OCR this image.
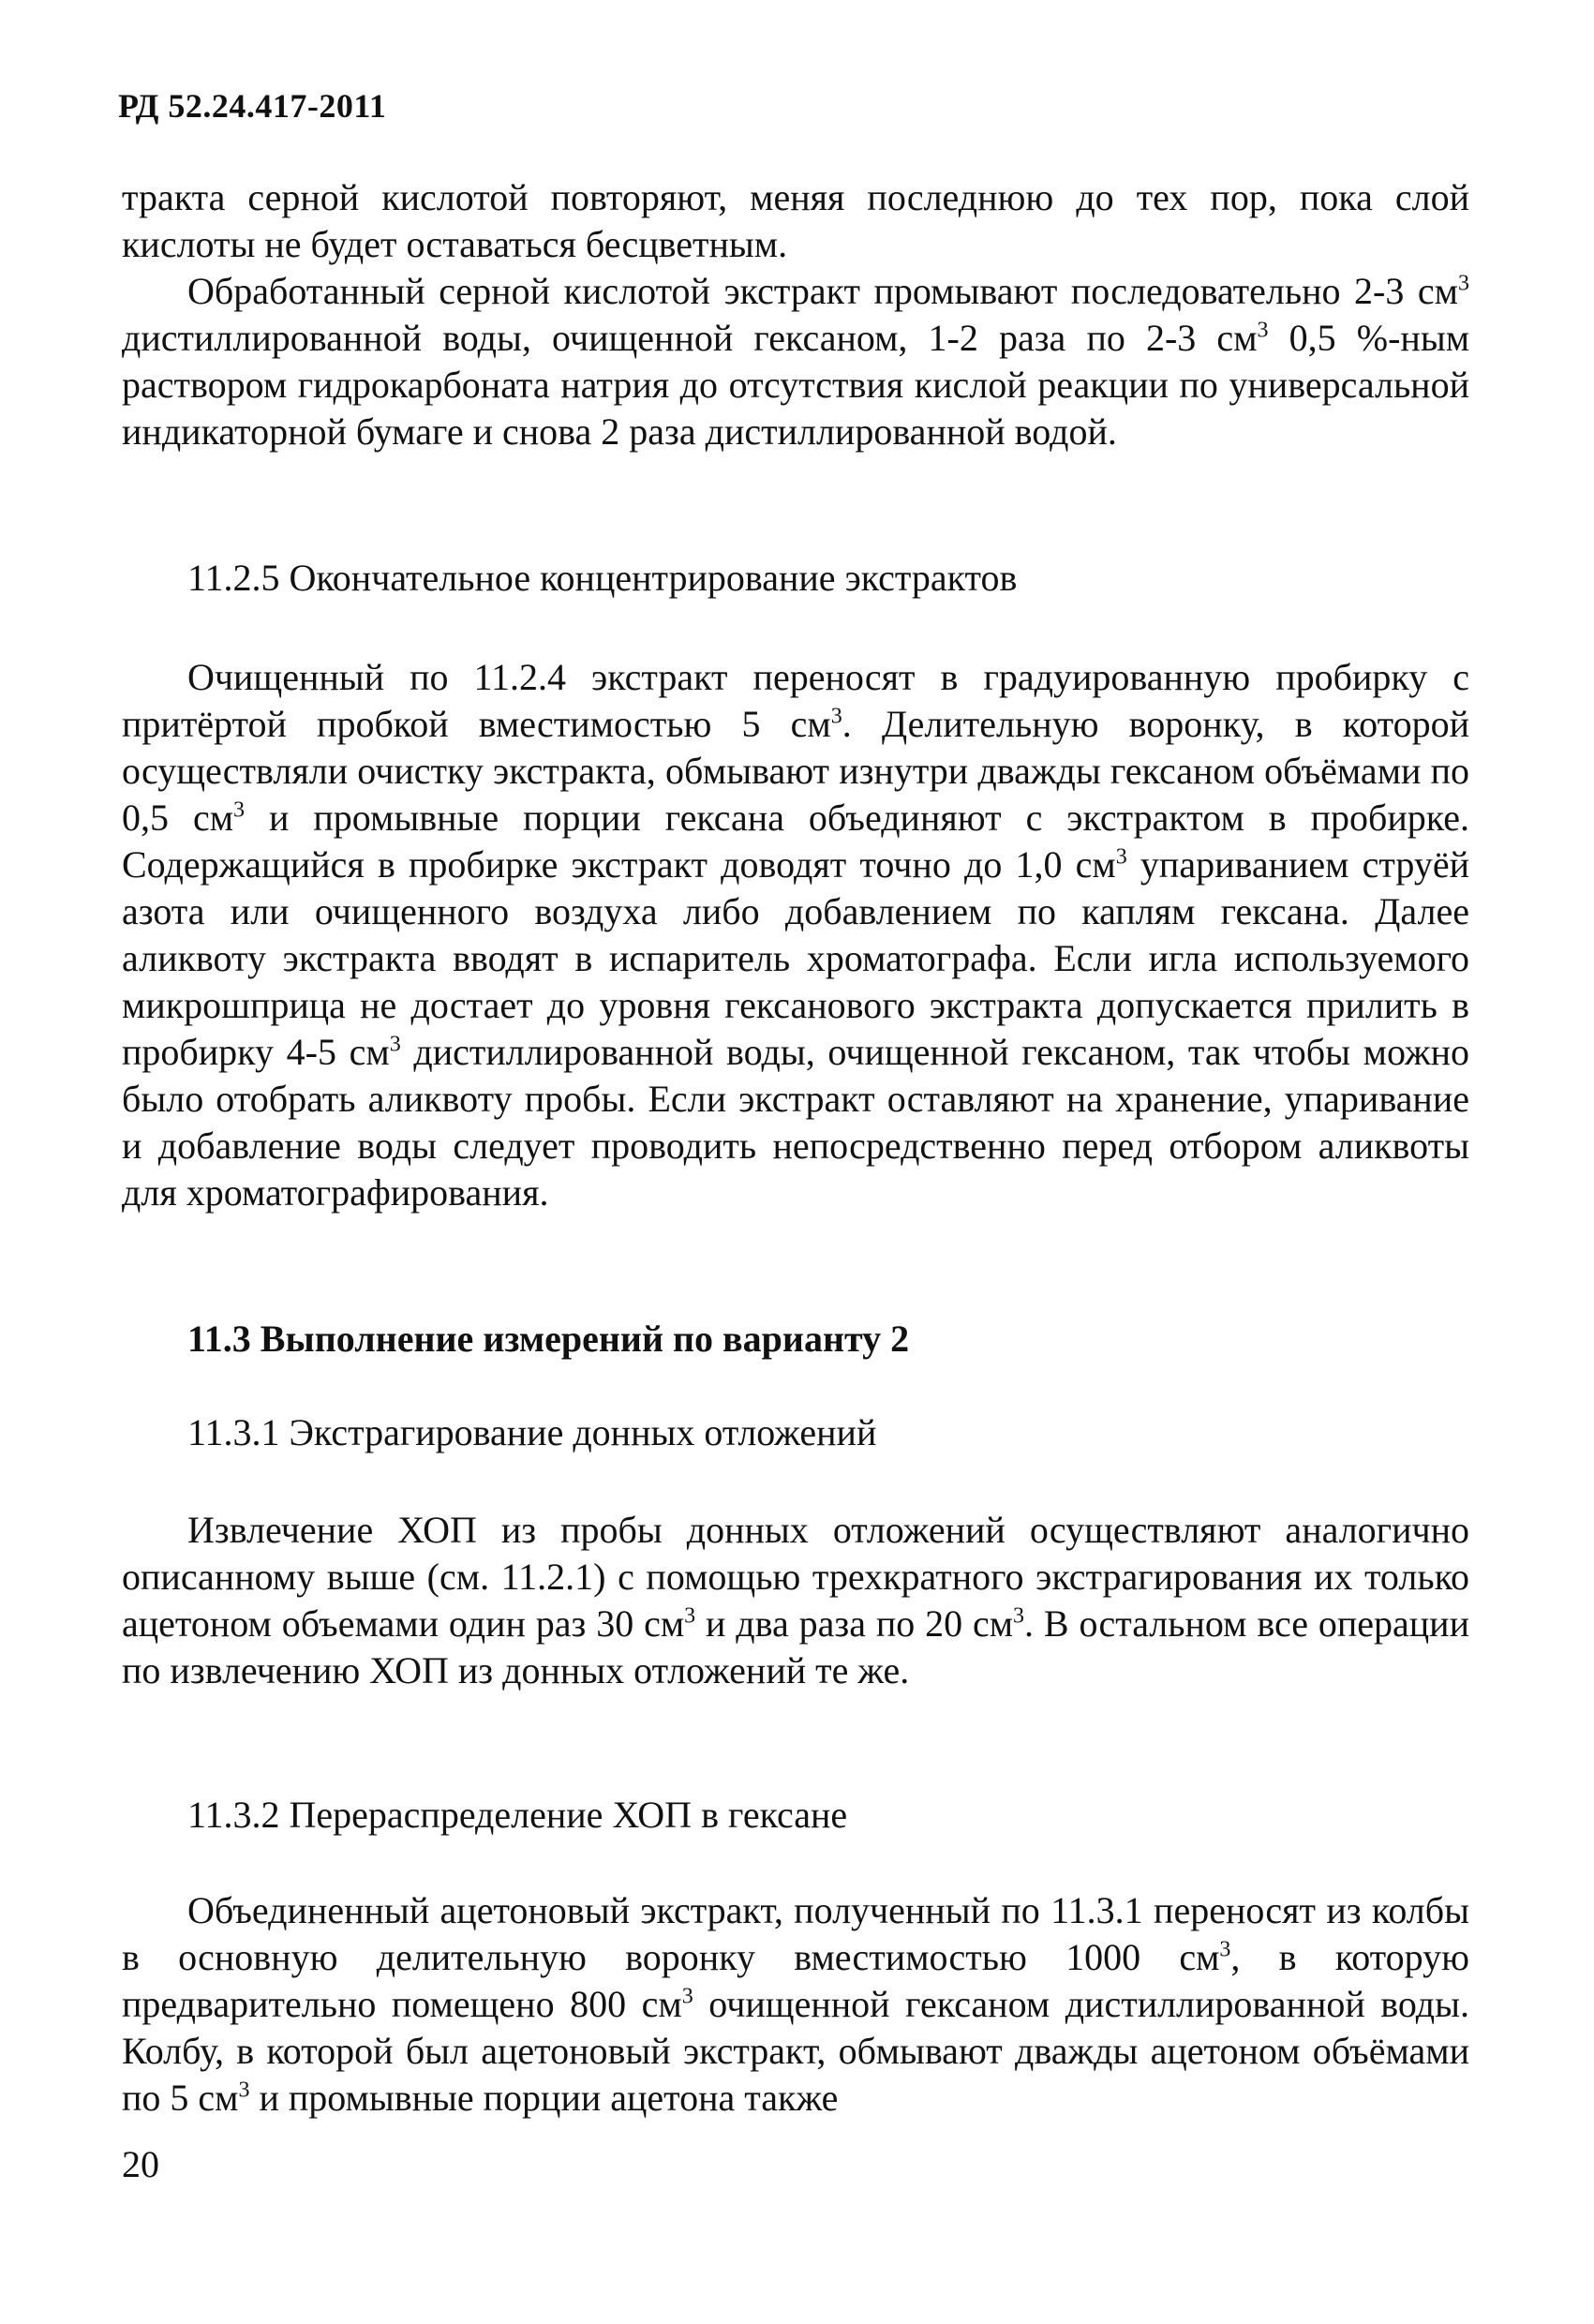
РД 52.24.417-2011
тракта серной кислотой повторяют, меняя последнюю до тех пор, пока слой кислоты не будет оставаться бесцветным.
Обработанный серной кислотой экстракт промывают последовательно 2-3 $см^3$ дистиллированной воды, очищенной гексаном, 1-2 раза по 2-3 $см^3$ 0,5 %-ным раствором гидрокарбоната натрия до отсутствия кислой реакции по универсальной индикаторной бумаге и снова 2 раза дистиллированной водой.
11.2.5 Окончательное концентрирование экстрактов
Очищенный по 11.2.4 экстракт переносят в градуированную пробирку с притёртой пробкой вместимостью 5 $см^3$. Делительную воронку, в которой осуществляли очистку экстракта, обмывают изнутри дважды гексаном объёмами по 0,5 $см^3$ и промывные порции гексана объединяют с экстрактом в пробирке. Содержащийся в пробирке экстракт доводят точно до 1,0 $см^3$ упариванием струёй азота или очищенного воздуха либо добавлением по каплям гексана. Далее аликвоту экстракта вводят в испаритель хроматографа. Если игла используемого микрошприца не достает до уровня гексанового экстракта допускается прилить в пробирку 4-5 $см^3$ дистиллированной воды, очищенной гексаном, так чтобы можно было отобрать аликвоту пробы. Если экстракт оставляют на хранение, упаривание и добавление воды следует проводить непосредственно перед отбором аликвоты для хроматографирования.
11.3 Выполнение измерений по варианту 2
11.3.1 Экстрагирование донных отложений
Извлечение ХОП из пробы донных отложений осуществляют аналогично описанному выше (см. 11.2.1) с помощью трехкратного экстрагирования их только ацетоном объемами один раз 30 $см^3$ и два раза по 20 $см^3$. В остальном все операции по извлечению ХОП из донных отложений те же.
11.3.2 Перераспределение ХОП в гексане
Объединенный ацетоновый экстракт, полученный по 11.3.1 переносят из колбы в основную делительную воронку вместимостью 1000 $см^3$, в которую предварительно помещено 800 $см^3$ очищенной гексаном дистиллированной воды. Колбу, в которой был ацетоновый экстракт, обмывают дважды ацетоном объёмами по 5 $см^3$ и промывные порции ацетона также
20
